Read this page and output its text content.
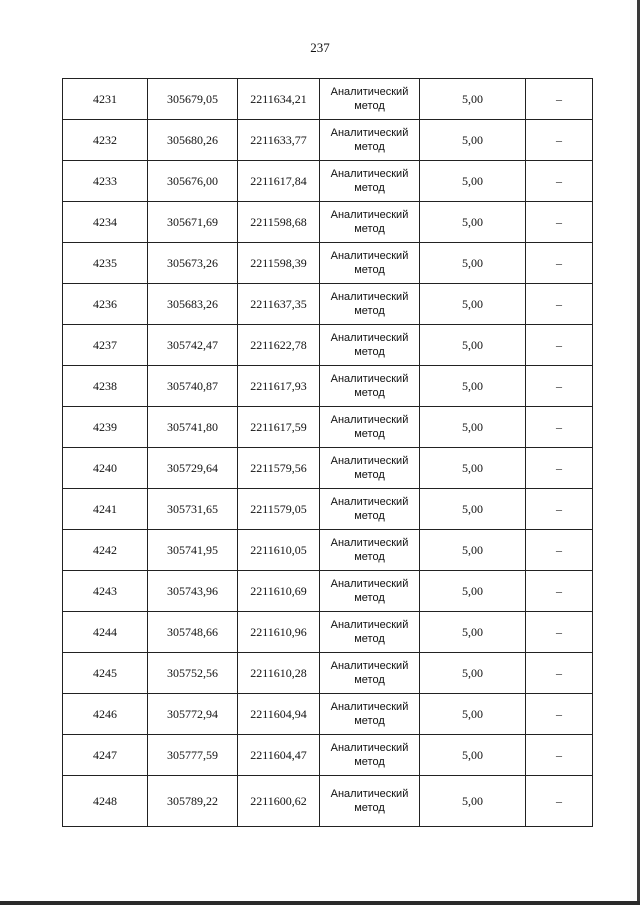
237
4231	305679,05	2211634,21	Аналитический
метод	5,00	–
4232	305680,26	2211633,77	Аналитический
метод	5,00	–
4233	305676,00	2211617,84	Аналитический
метод	5,00	–
4234	305671,69	2211598,68	Аналитический
метод	5,00	–
4235	305673,26	2211598,39	Аналитический
метод	5,00	–
4236	305683,26	2211637,35	Аналитический
метод	5,00	–
4237	305742,47	2211622,78	Аналитический
метод	5,00	–
4238	305740,87	2211617,93	Аналитический
метод	5,00	–
4239	305741,80	2211617,59	Аналитический
метод	5,00	–
4240	305729,64	2211579,56	Аналитический
метод	5,00	–
4241	305731,65	2211579,05	Аналитический
метод	5,00	–
4242	305741,95	2211610,05	Аналитический
метод	5,00	–
4243	305743,96	2211610,69	Аналитический
метод	5,00	–
4244	305748,66	2211610,96	Аналитический
метод	5,00	–
4245	305752,56	2211610,28	Аналитический
метод	5,00	–
4246	305772,94	2211604,94	Аналитический
метод	5,00	–
4247	305777,59	2211604,47	Аналитический
метод	5,00	–
4248	305789,22	2211600,62	Аналитический
метод	5,00	–
